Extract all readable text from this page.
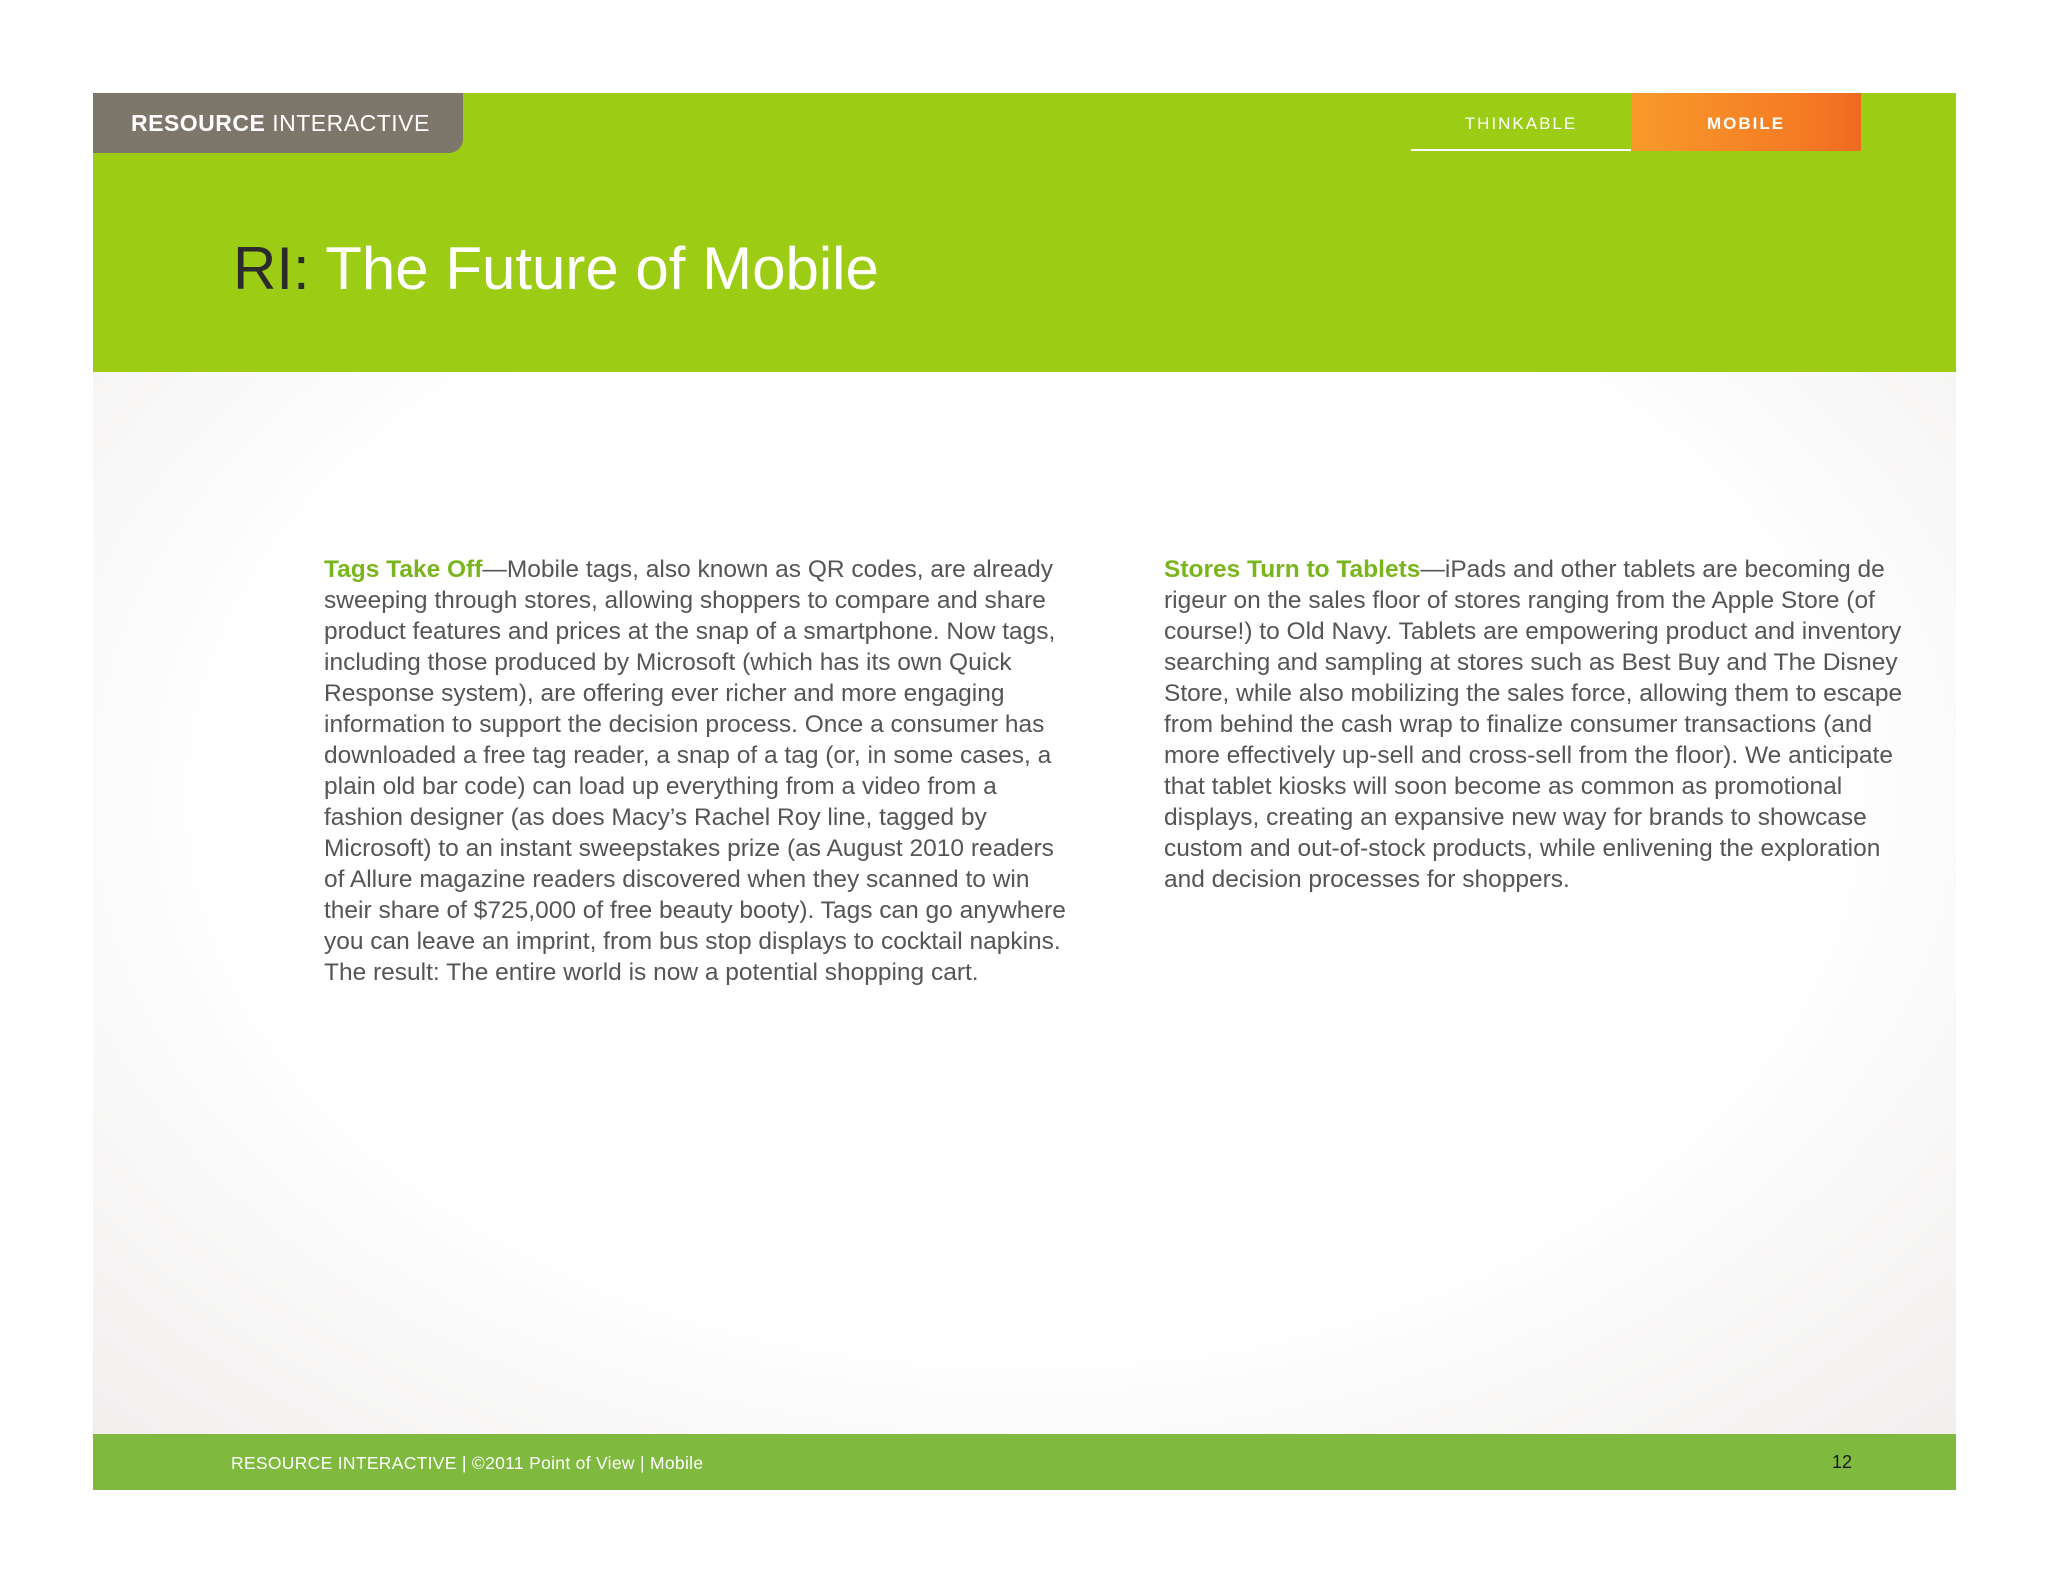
RESOURCE INTERACTIVE	THINKABLE	MOBILE
RI: The Future of Mobile

Tags Take Off—Mobile tags, also known as QR codes, are already sweeping through stores, allowing shoppers to compare and share product features and prices at the snap of a smartphone. Now tags, including those produced by Microsoft (which has its own Quick Response system), are offering ever richer and more engaging information to support the decision process. Once a consumer has downloaded a free tag reader, a snap of a tag (or, in some cases, a plain old bar code) can load up everything from a video from a fashion designer (as does Macy’s Rachel Roy line, tagged by Microsoft) to an instant sweepstakes prize (as August 2010 readers of Allure magazine readers discovered when they scanned to win their share of $725,000 of free beauty booty). Tags can go anywhere you can leave an imprint, from bus stop displays to cocktail napkins. The result: The entire world is now a potential shopping cart.

Stores Turn to Tablets—iPads and other tablets are becoming de rigeur on the sales floor of stores ranging from the Apple Store (of course!) to Old Navy. Tablets are empowering product and inventory searching and sampling at stores such as Best Buy and The Disney Store, while also mobilizing the sales force, allowing them to escape from behind the cash wrap to finalize consumer transactions (and more effectively up-sell and cross-sell from the floor). We anticipate that tablet kiosks will soon become as common as promotional displays, creating an expansive new way for brands to showcase custom and out-of-stock products, while enlivening the exploration and decision processes for shoppers.

RESOURCE INTERACTIVE | ©2011 Point of View | Mobile	12
